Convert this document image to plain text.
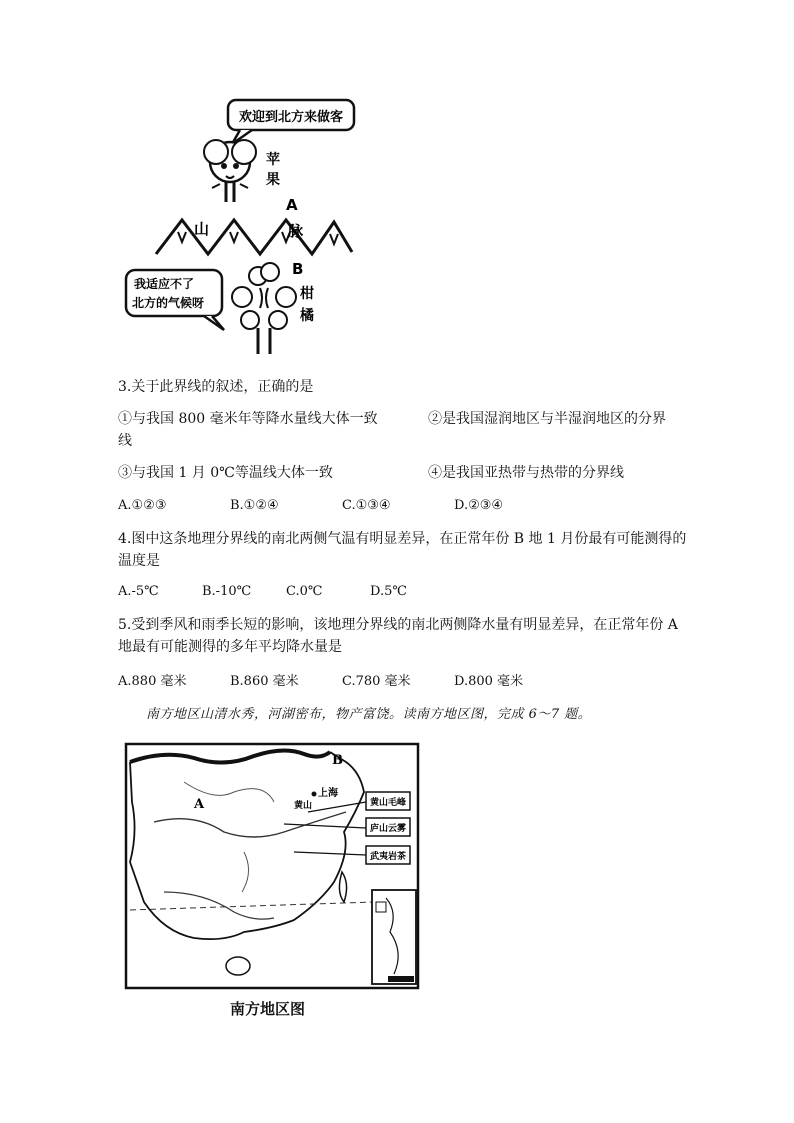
欢迎到北方来做客
苹
果
山
A
脉
B
我适应不了
北方的气候呀
柑
橘
3.关于此界线的叙述，正确的是
①与我国 800 毫米年等降水量线大体一致	②是我国湿润地区与半湿润地区的分界
线
③与我国 1 月 0℃等温线大体一致	④是我国亚热带与热带的分界线
A.①②③	B.①②④	C.①③④	D.②③④
4.图中这条地理分界线的南北两侧气温有明显差异，在正常年份 B 地 1 月份最有可能测得的
温度是
A.-5℃	B.-10℃	C.0℃	D.5℃
5.受到季风和雨季长短的影响，该地理分界线的南北两侧降水量有明显差异，在正常年份 A
地最有可能测得的多年平均降水量是
A.880 毫米	B.860 毫米	C.780 毫米	D.800 毫米
南方地区山清水秀，河湖密布，物产富饶。读南方地区图，完成 6～7 题。
黄山毛峰
庐山云雾
武夷岩茶
B
A
上海
黄山
南方地区图
